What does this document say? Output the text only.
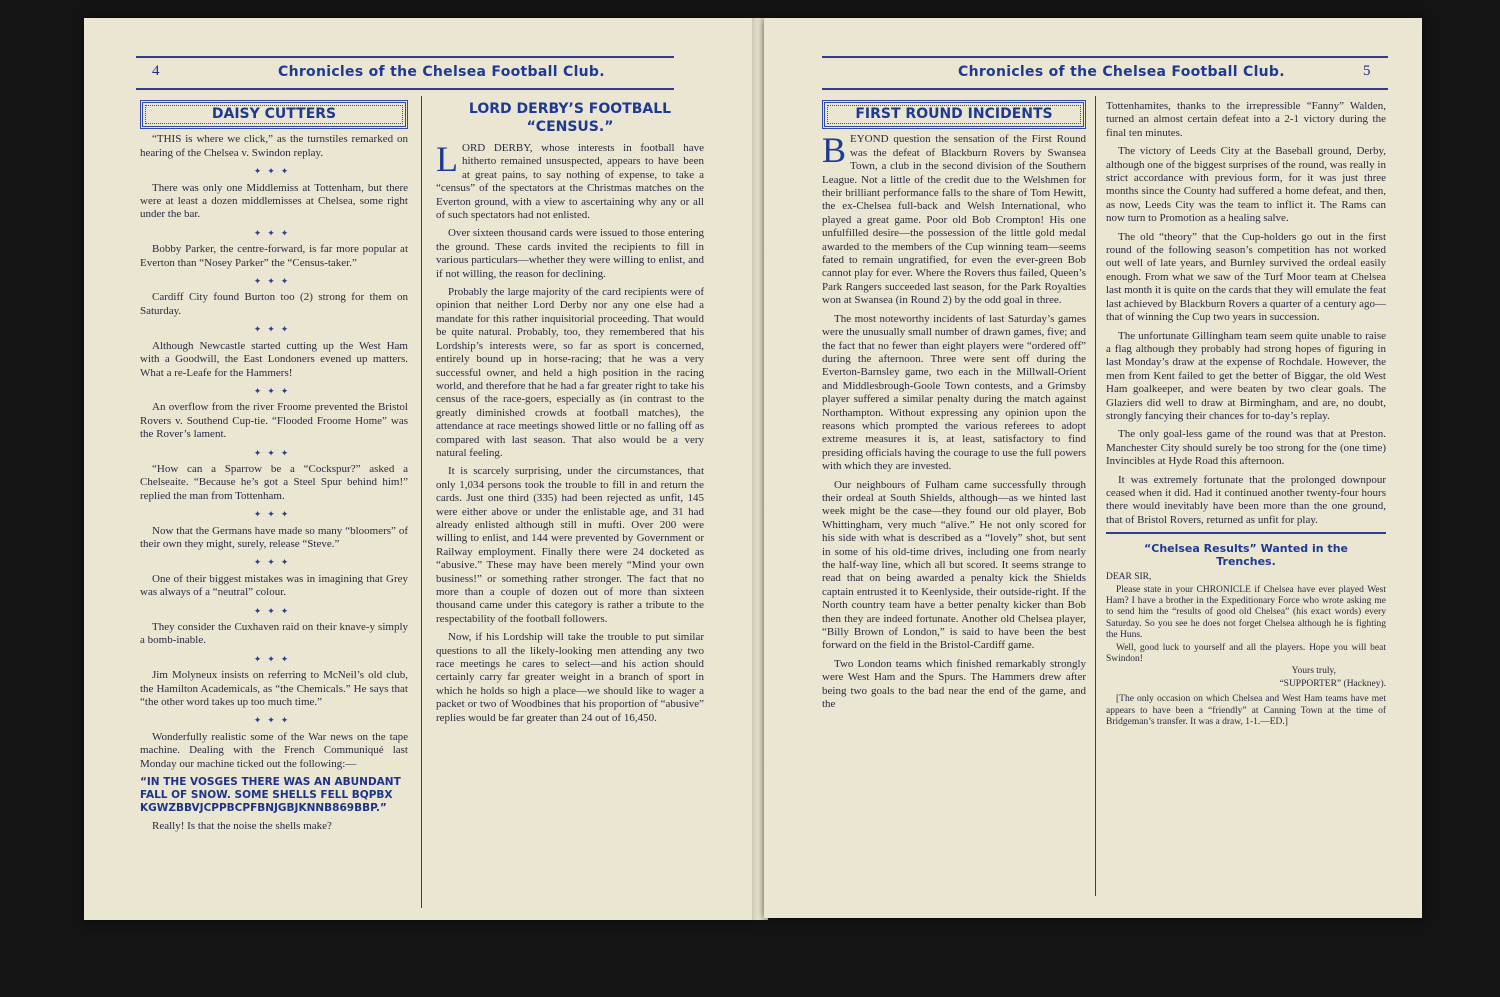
4	Chronicles of the Chelsea Football Club.
DAISY CUTTERS

“THIS is where we click,” as the turnstiles remarked on hearing of the Chelsea v. Swindon replay.

✦✦✦

There was only one Middlemiss at Tottenham, but there were at least a dozen middlemisses at Chelsea, some right under the bar.

✦✦✦

Bobby Parker, the centre-forward, is far more popular at Everton than “Nosey Parker” the “Census-taker.”

✦✦✦

Cardiff City found Burton too (2) strong for them on Saturday.

✦✦✦

Although Newcastle started cutting up the West Ham with a Goodwill, the East Londoners evened up matters. What a re-Leafe for the Hammers!

✦✦✦

An overflow from the river Froome prevented the Bristol Rovers v. Southend Cup-tie. “Flooded Froome Home” was the Rover’s lament.

✦✦✦

“How can a Sparrow be a “Cockspur?” asked a Chelseaite. “Because he’s got a Steel Spur behind him!” replied the man from Tottenham.

✦✦✦

Now that the Germans have made so many “bloomers” of their own they might, surely, release “Steve.”

✦✦✦

One of their biggest mistakes was in imagining that Grey was always of a “neutral” colour.

✦✦✦

They consider the Cuxhaven raid on their knave-y simply a bomb-inable.

✦✦✦

Jim Molyneux insists on referring to McNeil’s old club, the Hamilton Academicals, as “the Chemicals.” He says that “the other word takes up too much time.”

✦✦✦

Wonderfully realistic some of the War news on the tape machine. Dealing with the French Communiqué last Monday our machine ticked out the following:—

“IN THE VOSGES THERE WAS AN ABUNDANT FALL OF SNOW. SOME SHELLS FELL BQPBX KGWZBBVJCPPBCPFBNJGBJKNNB869BBP.”

Really! Is that the noise the shells make?

LORD DERBY’S FOOTBALL
“CENSUS.”

LORD DERBY, whose interests in football have hitherto remained unsuspected, appears to have been at great pains, to say nothing of expense, to take a “census” of the spectators at the Christmas matches on the Everton ground, with a view to ascertaining why any or all of such spectators had not enlisted.

Over sixteen thousand cards were issued to those entering the ground. These cards invited the recipients to fill in various particulars—whether they were willing to enlist, and if not willing, the reason for declining.

Probably the large majority of the card recipients were of opinion that neither Lord Derby nor any one else had a mandate for this rather inquisitorial proceeding. That would be quite natural. Probably, too, they remembered that his Lordship’s interests were, so far as sport is concerned, entirely bound up in horse-racing; that he was a very successful owner, and held a high position in the racing world, and therefore that he had a far greater right to take his census of the race-goers, especially as (in contrast to the greatly diminished crowds at football matches), the attendance at race meetings showed little or no falling off as compared with last season. That also would be a very natural feeling.

It is scarcely surprising, under the circumstances, that only 1,034 persons took the trouble to fill in and return the cards. Just one third (335) had been rejected as unfit, 145 were either above or under the enlistable age, and 31 had already enlisted although still in mufti. Over 200 were willing to enlist, and 144 were prevented by Government or Railway employment. Finally there were 24 docketed as “abusive.” These may have been merely “Mind your own business!” or something rather stronger. The fact that no more than a couple of dozen out of more than sixteen thousand came under this category is rather a tribute to the respectability of the football followers.

Now, if his Lordship will take the trouble to put similar questions to all the likely-looking men attending any two race meetings he cares to select—and his action should certainly carry far greater weight in a branch of sport in which he holds so high a place—we should like to wager a packet or two of Woodbines that his proportion of “abusive” replies would be far greater than 24 out of 16,450.

Chronicles of the Chelsea Football Club.	5
FIRST ROUND INCIDENTS

BEYOND question the sensation of the First Round was the defeat of Blackburn Rovers by Swansea Town, a club in the second division of the Southern League. Not a little of the credit due to the Welshmen for their brilliant performance falls to the share of Tom Hewitt, the ex-Chelsea full-back and Welsh International, who played a great game. Poor old Bob Crompton! His one unfulfilled desire—the possession of the little gold medal awarded to the members of the Cup winning team—seems fated to remain ungratified, for even the ever-green Bob cannot play for ever. Where the Rovers thus failed, Queen’s Park Rangers succeeded last season, for the Park Royalties won at Swansea (in Round 2) by the odd goal in three.

The most noteworthy incidents of last Saturday’s games were the unusually small number of drawn games, five; and the fact that no fewer than eight players were “ordered off” during the afternoon. Three were sent off during the Everton-Barnsley game, two each in the Millwall-Orient and Middlesbrough-Goole Town contests, and a Grimsby player suffered a similar penalty during the match against Northampton. Without expressing any opinion upon the reasons which prompted the various referees to adopt extreme measures it is, at least, satisfactory to find presiding officials having the courage to use the full powers with which they are invested.

Our neighbours of Fulham came successfully through their ordeal at South Shields, although—as we hinted last week might be the case—they found our old player, Bob Whittingham, very much “alive.” He not only scored for his side with what is described as a “lovely” shot, but sent in some of his old-time drives, including one from nearly the half-way line, which all but scored. It seems strange to read that on being awarded a penalty kick the Shields captain entrusted it to Keenlyside, their outside-right. If the North country team have a better penalty kicker than Bob then they are indeed fortunate. Another old Chelsea player, “Billy Brown of London,” is said to have been the best forward on the field in the Bristol-Cardiff game.

Two London teams which finished remarkably strongly were West Ham and the Spurs. The Hammers drew after being two goals to the bad near the end of the game, and the

Tottenhamites, thanks to the irrepressible “Fanny” Walden, turned an almost certain defeat into a 2-1 victory during the final ten minutes.

The victory of Leeds City at the Baseball ground, Derby, although one of the biggest surprises of the round, was really in strict accordance with previous form, for it was just three months since the County had suffered a home defeat, and then, as now, Leeds City was the team to inflict it. The Rams can now turn to Promotion as a healing salve.

The old “theory” that the Cup-holders go out in the first round of the following season’s competition has not worked out well of late years, and Burnley survived the ordeal easily enough. From what we saw of the Turf Moor team at Chelsea last month it is quite on the cards that they will emulate the feat last achieved by Blackburn Rovers a quarter of a century ago—that of winning the Cup two years in succession.

The unfortunate Gillingham team seem quite unable to raise a flag although they probably had strong hopes of figuring in last Monday’s draw at the expense of Rochdale. However, the men from Kent failed to get the better of Biggar, the old West Ham goalkeeper, and were beaten by two clear goals. The Glaziers did well to draw at Birmingham, and are, no doubt, strongly fancying their chances for to-day’s replay.

The only goal-less game of the round was that at Preston. Manchester City should surely be too strong for the (one time) Invincibles at Hyde Road this afternoon.

It was extremely fortunate that the prolonged downpour ceased when it did. Had it continued another twenty-four hours there would inevitably have been more than the one ground, that of Bristol Rovers, returned as unfit for play.

“Chelsea Results” Wanted in the
Trenches.

DEAR SIR,

Please state in your CHRONICLE if Chelsea have ever played West Ham? I have a brother in the Expeditionary Force who wrote asking me to send him the “results of good old Chelsea” (his exact words) every Saturday. So you see he does not forget Chelsea although he is fighting the Huns.

Well, good luck to yourself and all the players. Hope you will beat Swindon!

Yours truly,

“SUPPORTER” (Hackney).

[The only occasion on which Chelsea and West Ham teams have met appears to have been a “friendly” at Canning Town at the time of Bridgeman’s transfer. It was a draw, 1-1.—ED.]
